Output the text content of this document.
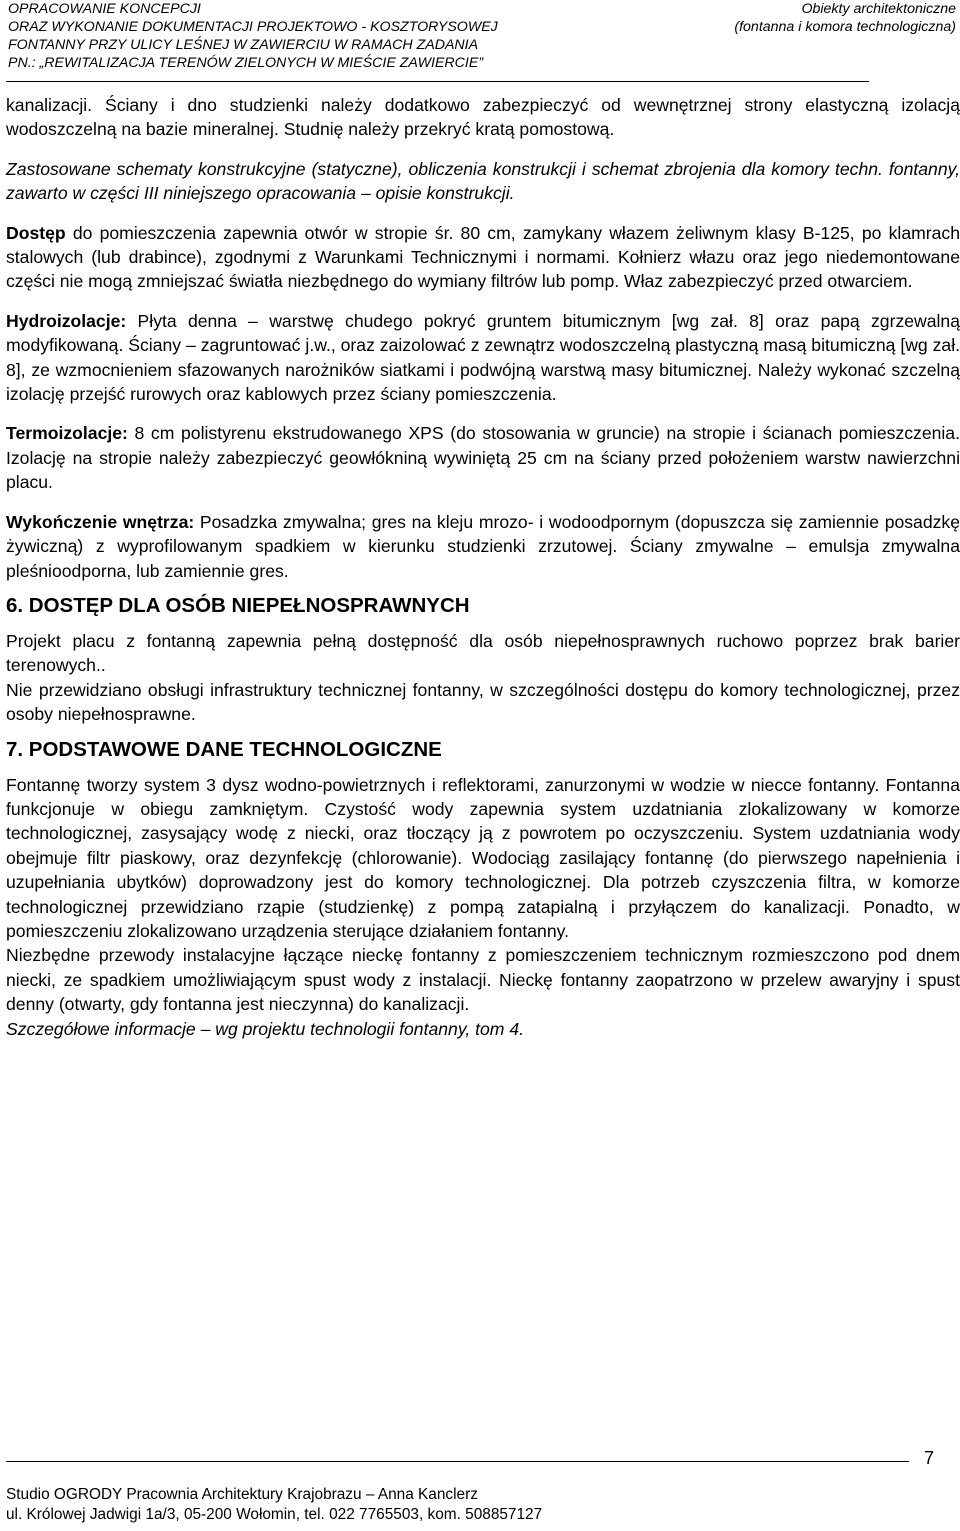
OPRACOWANIE KONCEPCJI
ORAZ WYKONANIE DOKUMENTACJI PROJEKTOWO - KOSZTORYSOWEJ
FONTANNY PRZY ULICY LEŚNEJ W ZAWIERCIU W RAMACH ZADANIA
PN.: „REWITALIZACJA TERENÓW ZIELONYCH W MIEŚCIE ZAWIERCIE”
Obiekty architektoniczne
(fontanna i komora technologiczna)

kanalizacji. Ściany i dno studzienki należy dodatkowo zabezpieczyć od wewnętrznej strony elastyczną izolacją wodoszczelną na bazie mineralnej. Studnię należy przekryć kratą pomostową.

Zastosowane schematy konstrukcyjne (statyczne), obliczenia konstrukcji i schemat zbrojenia dla komory techn. fontanny, zawarto w części III niniejszego opracowania – opisie konstrukcji.

Dostęp do pomieszczenia zapewnia otwór w stropie śr. 80 cm, zamykany włazem żeliwnym klasy B-125, po klamrach stalowych (lub drabince), zgodnymi z Warunkami Technicznymi i normami. Kołnierz włazu oraz jego niedemontowane części nie mogą zmniejszać światła niezbędnego do wymiany filtrów lub pomp. Właz zabezpieczyć przed otwarciem.

Hydroizolacje: Płyta denna – warstwę chudego pokryć gruntem bitumicznym [wg zał. 8] oraz papą zgrzewalną modyfikowaną. Ściany – zagruntować j.w., oraz zaizolować z zewnątrz wodoszczelną plastyczną masą bitumiczną [wg zał. 8], ze wzmocnieniem sfazowanych narożników siatkami i podwójną warstwą masy bitumicznej. Należy wykonać szczelną izolację przejść rurowych oraz kablowych przez ściany pomieszczenia.

Termoizolacje: 8 cm polistyrenu ekstrudowanego XPS (do stosowania w gruncie) na stropie i ścianach pomieszczenia. Izolację na stropie należy zabezpieczyć geowłókniną wywiniętą 25 cm na ściany przed położeniem warstw nawierzchni placu.

Wykończenie wnętrza: Posadzka zmywalna; gres na kleju mrozo- i wodoodpornym (dopuszcza się zamiennie posadzkę żywiczną) z wyprofilowanym spadkiem w kierunku studzienki zrzutowej. Ściany zmywalne – emulsja zmywalna pleśnioodporna, lub zamiennie gres.

6. DOSTĘP DLA OSÓB NIEPEŁNOSPRAWNYCH

Projekt placu z fontanną zapewnia pełną dostępność dla osób niepełnosprawnych ruchowo poprzez brak barier terenowych..

Nie przewidziano obsługi infrastruktury technicznej fontanny, w szczególności dostępu do komory technologicznej, przez osoby niepełnosprawne.

7. PODSTAWOWE DANE TECHNOLOGICZNE

Fontannę tworzy system 3 dysz wodno-powietrznych i reflektorami, zanurzonymi w wodzie w niecce fontanny. Fontanna funkcjonuje w obiegu zamkniętym. Czystość wody zapewnia system uzdatniania zlokalizowany w komorze technologicznej, zasysający wodę z niecki, oraz tłoczący ją z powrotem po oczyszczeniu. System uzdatniania wody obejmuje filtr piaskowy, oraz dezynfekcję (chlorowanie). Wodociąg zasilający fontannę (do pierwszego napełnienia i uzupełniania ubytków) doprowadzony jest do komory technologicznej. Dla potrzeb czyszczenia filtra, w komorze technologicznej przewidziano rząpie (studzienkę) z pompą zatapialną i przyłączem do kanalizacji. Ponadto, w pomieszczeniu zlokalizowano urządzenia sterujące działaniem fontanny.

Niezbędne przewody instalacyjne łączące nieckę fontanny z pomieszczeniem technicznym rozmieszczono pod dnem niecki, ze spadkiem umożliwiającym spust wody z instalacji. Nieckę fontanny zaopatrzono w przelew awaryjny i spust denny (otwarty, gdy fontanna jest nieczynna) do kanalizacji.

Szczegółowe informacje – wg projektu technologii fontanny, tom 4.

7
Studio OGRODY Pracownia Architektury Krajobrazu – Anna Kanclerz
ul. Królowej Jadwigi 1a/3, 05-200 Wołomin, tel. 022 7765503, kom. 508857127
